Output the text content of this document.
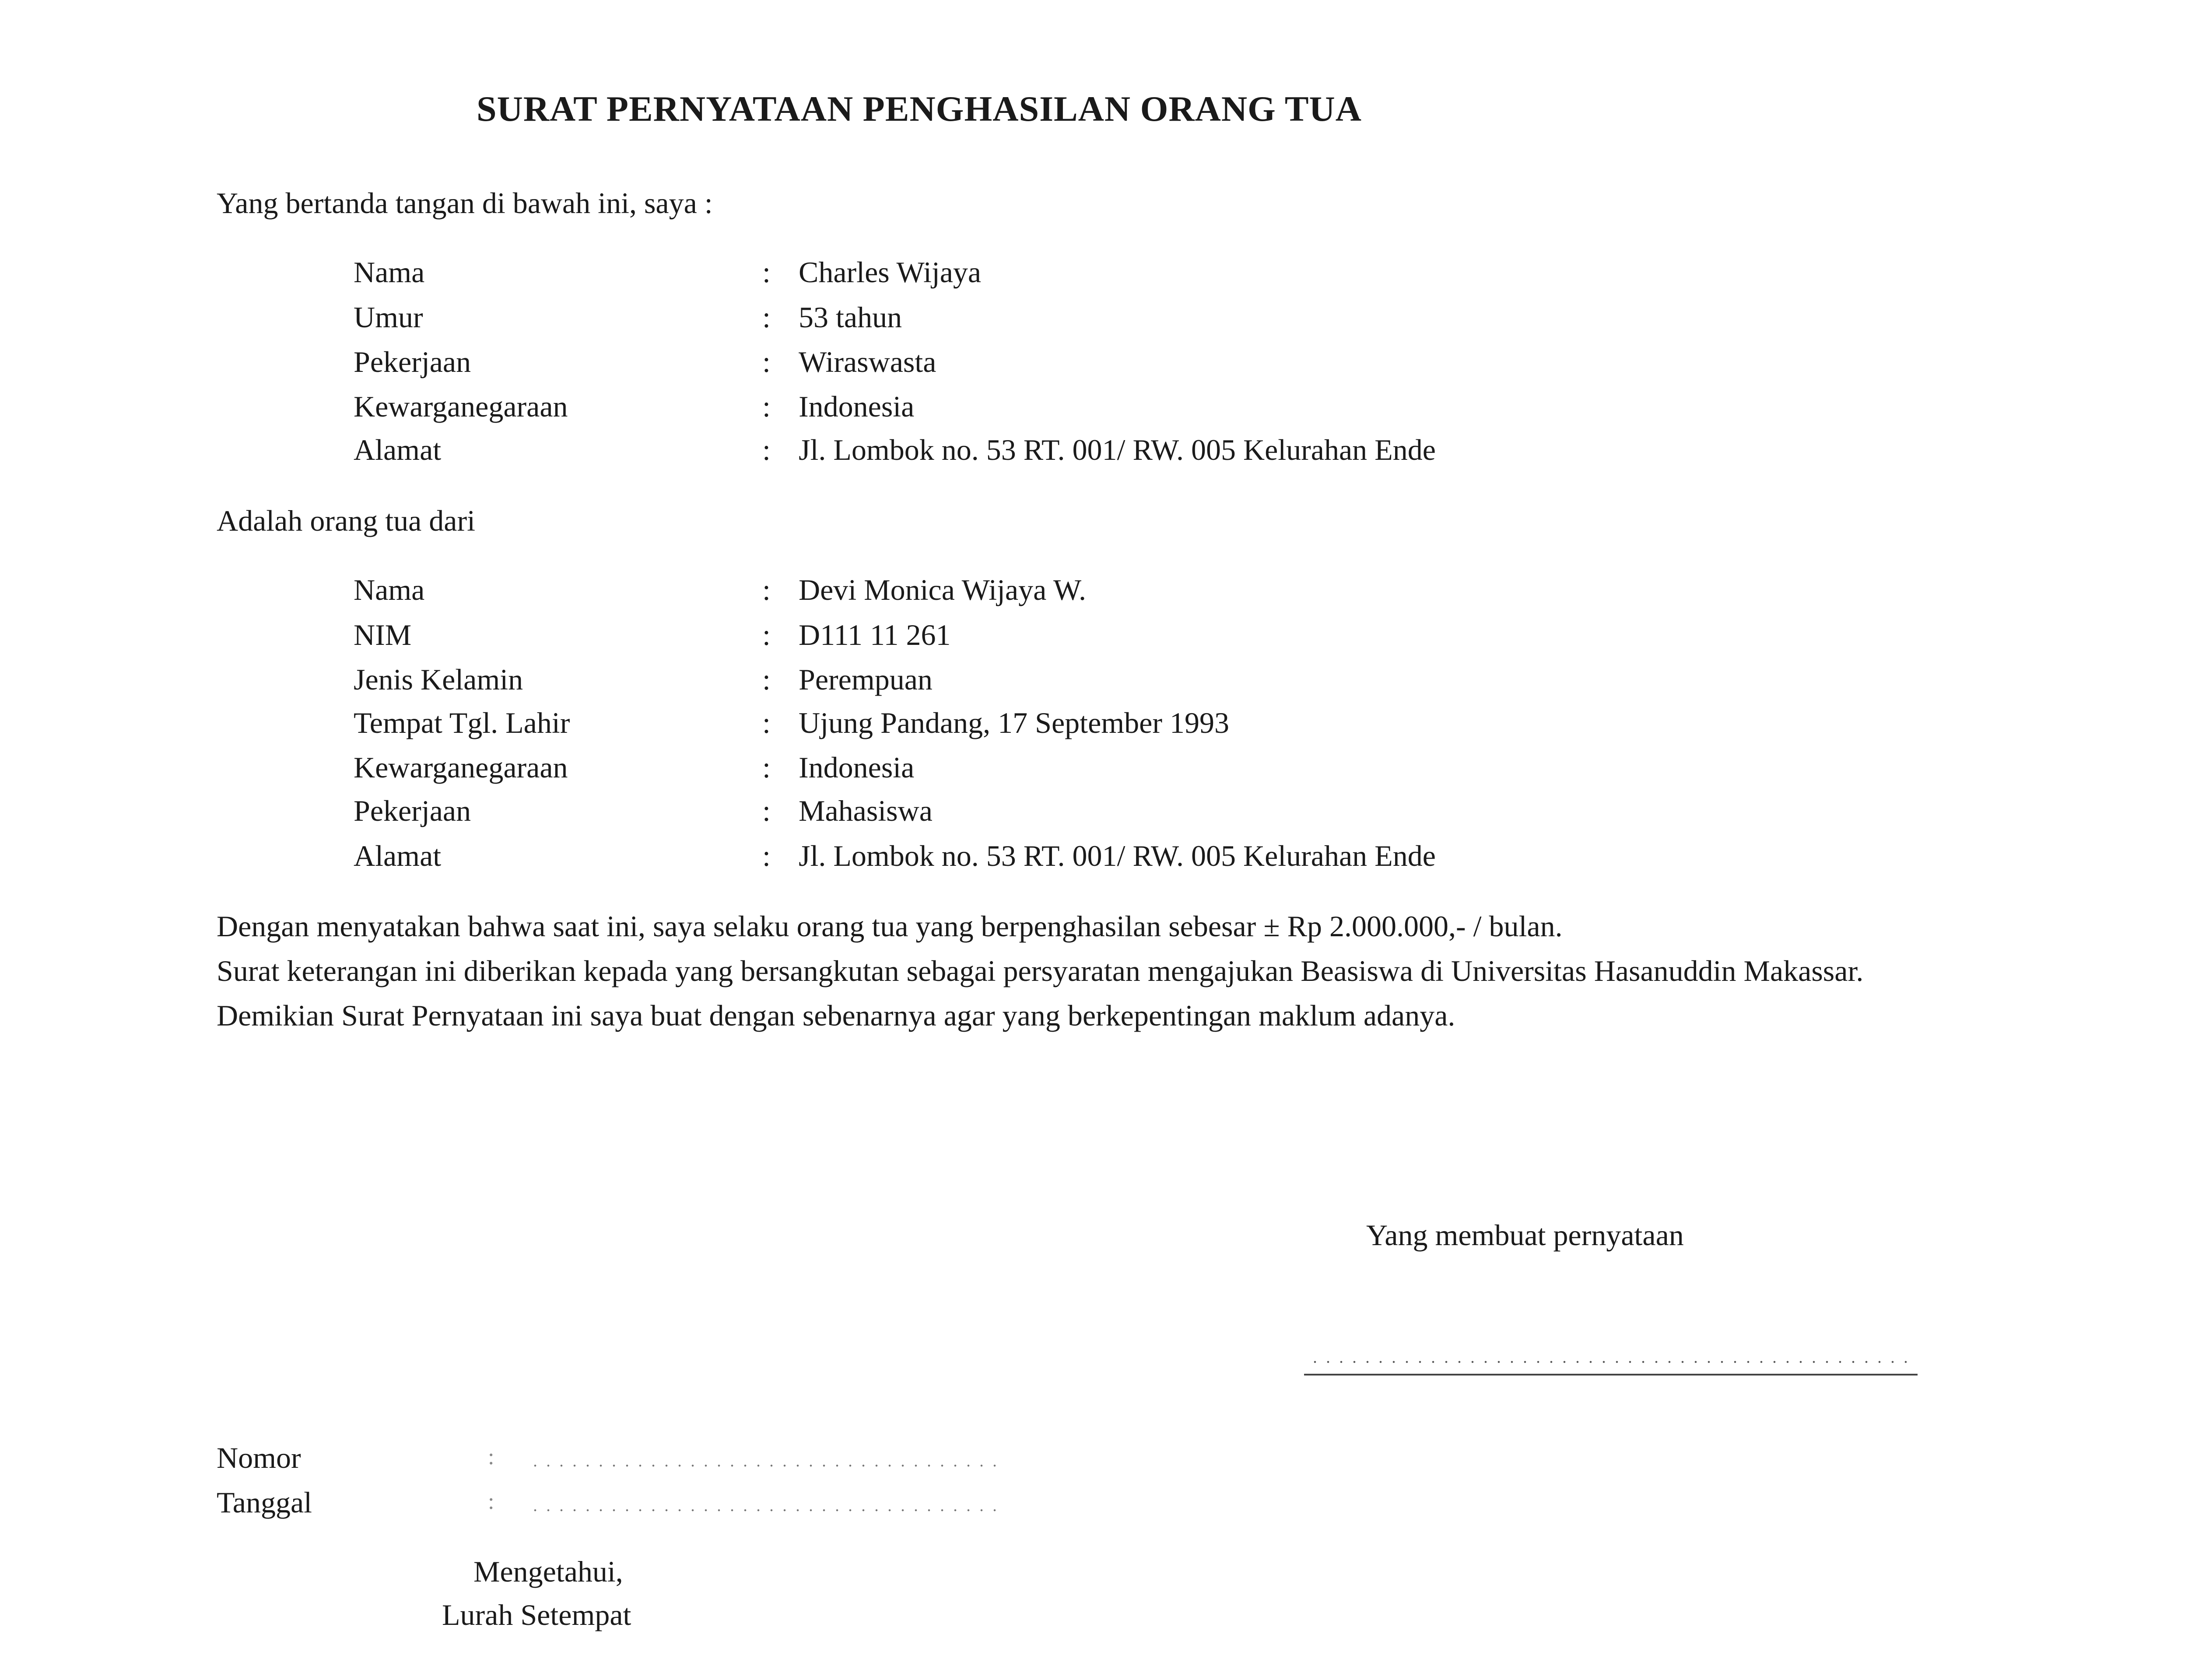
SURAT PERNYATAAN PENGHASILAN ORANG TUA
Yang bertanda tangan di bawah ini, saya :
Nama	: Charles Wijaya
Umur	: 53 tahun
Pekerjaan	: Wiraswasta
Kewarganegaraan	: Indonesia
Alamat	: Jl. Lombok no. 53 RT. 001/ RW. 005 Kelurahan Ende
Adalah orang tua dari
Nama	: Devi Monica Wijaya W.
NIM	: D111 11 261
Jenis Kelamin	: Perempuan
Tempat Tgl. Lahir	: Ujung Pandang, 17 September 1993
Kewarganegaraan	: Indonesia
Pekerjaan	: Mahasiswa
Alamat	: Jl. Lombok no. 53 RT. 001/ RW. 005 Kelurahan Ende

Dengan menyatakan bahwa saat ini, saya selaku orang tua yang berpenghasilan sebesar ± Rp 2.000.000,- / bulan.

Surat keterangan ini diberikan kepada yang bersangkutan sebagai persyaratan mengajukan Beasiswa di Universitas Hasanuddin Makassar.

Demikian Surat Pernyataan ini saya buat dengan sebenarnya agar yang berkepentingan maklum adanya.

Yang membuat pernyataan
Nomor	:
Tanggal	:
Mengetahui,
Lurah Setempat
